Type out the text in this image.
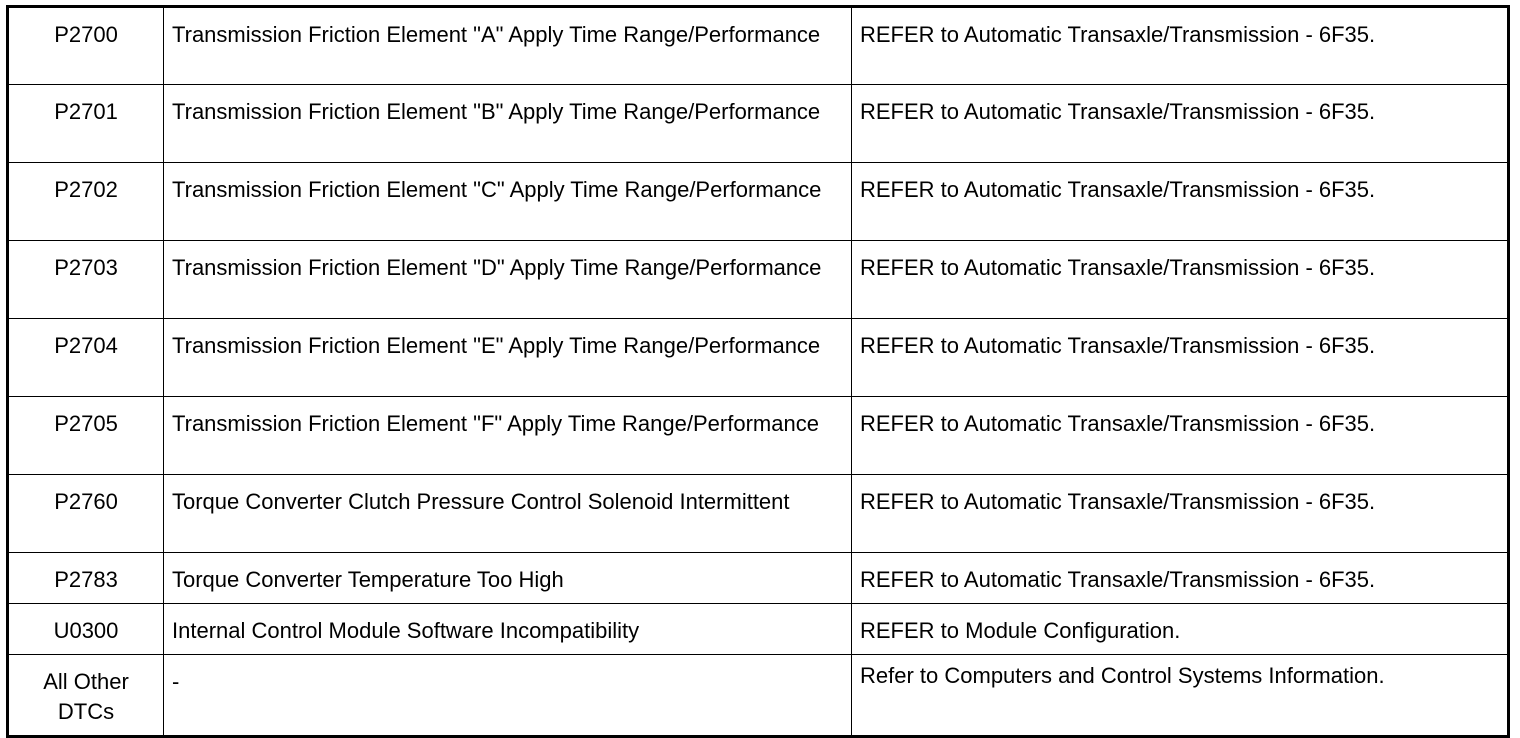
P2700	Transmission Friction Element "A" Apply Time Range/Performance	REFER to Automatic Transaxle/Transmission - 6F35.
P2701	Transmission Friction Element "B" Apply Time Range/Performance	REFER to Automatic Transaxle/Transmission - 6F35.
P2702	Transmission Friction Element "C" Apply Time Range/Performance	REFER to Automatic Transaxle/Transmission - 6F35.
P2703	Transmission Friction Element "D" Apply Time Range/Performance	REFER to Automatic Transaxle/Transmission - 6F35.
P2704	Transmission Friction Element "E" Apply Time Range/Performance	REFER to Automatic Transaxle/Transmission - 6F35.
P2705	Transmission Friction Element "F" Apply Time Range/Performance	REFER to Automatic Transaxle/Transmission - 6F35.
P2760	Torque Converter Clutch Pressure Control Solenoid Intermittent	REFER to Automatic Transaxle/Transmission - 6F35.
P2783	Torque Converter Temperature Too High	REFER to Automatic Transaxle/Transmission - 6F35.
U0300	Internal Control Module Software Incompatibility	REFER to Module Configuration.
All Other DTCs	-	Refer to Computers and Control Systems Information.
